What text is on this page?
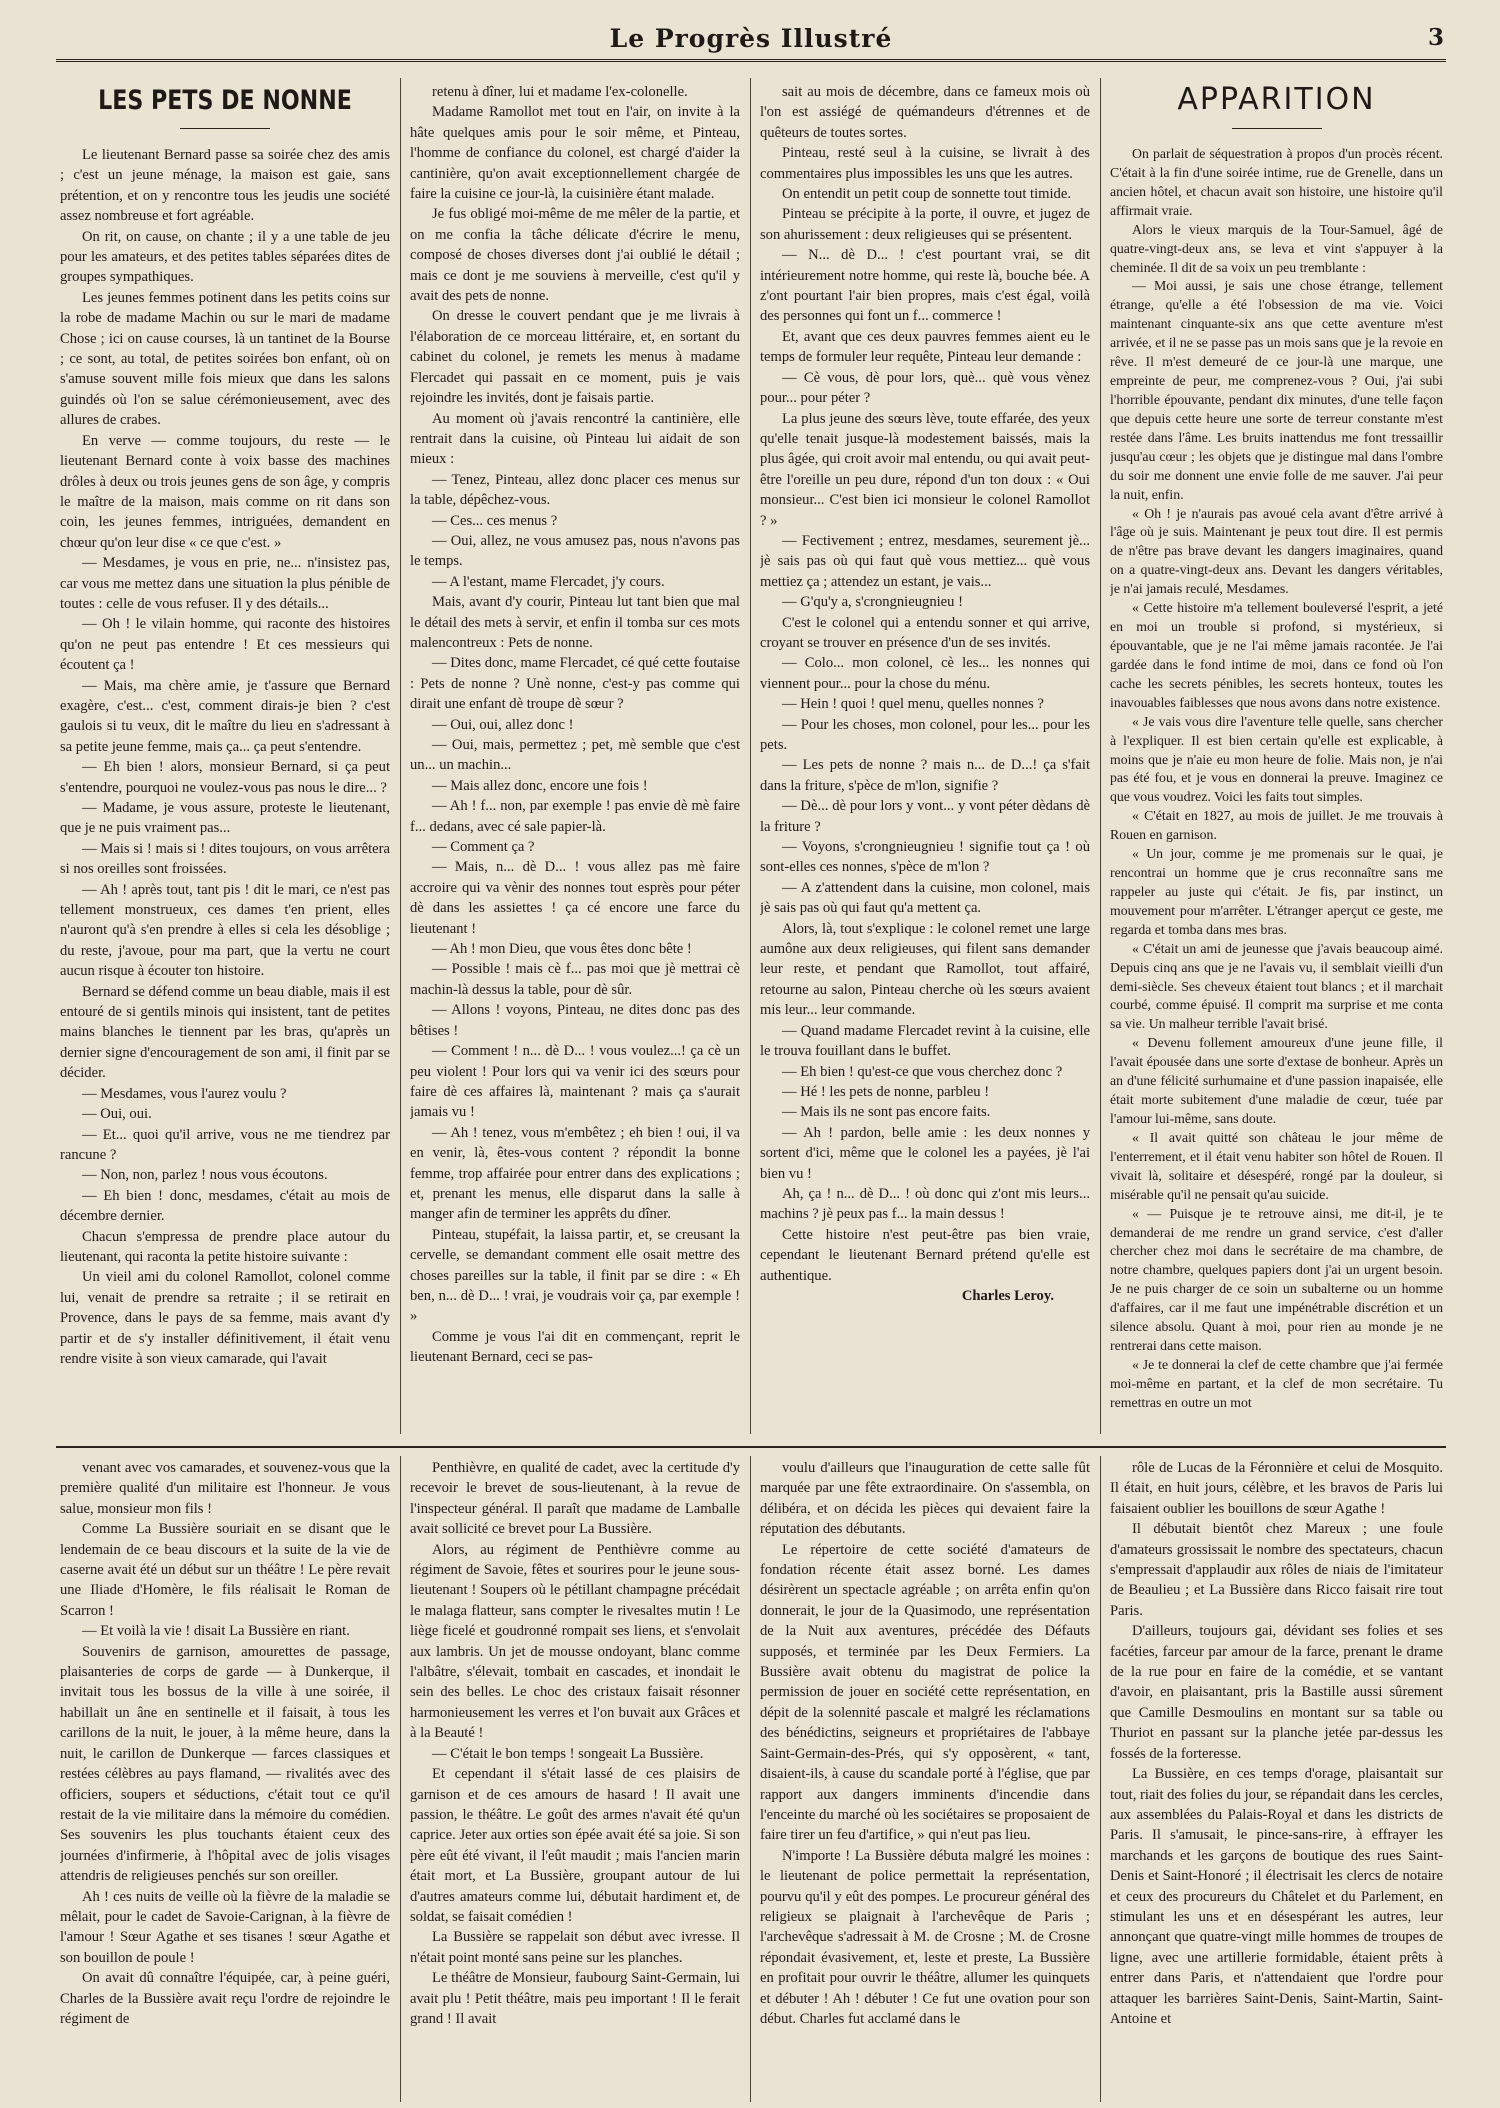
Le Progrès Illustré	3
LES PETS DE NONNE

Le lieutenant Bernard passe sa soirée chez des amis ; c'est un jeune ménage, la maison est gaie, sans prétention, et on y rencontre tous les jeudis une société assez nombreuse et fort agréable.

On rit, on cause, on chante ; il y a une table de jeu pour les amateurs, et des petites tables séparées dites de groupes sympathiques.

Les jeunes femmes potinent dans les petits coins sur la robe de madame Machin ou sur le mari de madame Chose ; ici on cause courses, là un tantinet de la Bourse ; ce sont, au total, de petites soirées bon enfant, où on s'amuse souvent mille fois mieux que dans les salons guindés où l'on se salue cérémonieusement, avec des allures de crabes.

En verve — comme toujours, du reste — le lieutenant Bernard conte à voix basse des machines drôles à deux ou trois jeunes gens de son âge, y compris le maître de la maison, mais comme on rit dans son coin, les jeunes femmes, intriguées, demandent en chœur qu'on leur dise « ce que c'est. »

— Mesdames, je vous en prie, ne... n'insistez pas, car vous me mettez dans une situation la plus pénible de toutes : celle de vous refuser. Il y des détails...

— Oh ! le vilain homme, qui raconte des histoires qu'on ne peut pas entendre ! Et ces messieurs qui écoutent ça !

— Mais, ma chère amie, je t'assure que Bernard exagère, c'est... c'est, comment dirais-je bien ? c'est gaulois si tu veux, dit le maître du lieu en s'adressant à sa petite jeune femme, mais ça... ça peut s'entendre.

— Eh bien ! alors, monsieur Bernard, si ça peut s'entendre, pourquoi ne voulez-vous pas nous le dire... ?

— Madame, je vous assure, proteste le lieutenant, que je ne puis vraiment pas...

— Mais si ! mais si ! dites toujours, on vous arrêtera si nos oreilles sont froissées.

— Ah ! après tout, tant pis ! dit le mari, ce n'est pas tellement monstrueux, ces dames t'en prient, elles n'auront qu'à s'en prendre à elles si cela les désoblige ; du reste, j'avoue, pour ma part, que la vertu ne court aucun risque à écouter ton histoire.

Bernard se défend comme un beau diable, mais il est entouré de si gentils minois qui insistent, tant de petites mains blanches le tiennent par les bras, qu'après un dernier signe d'encouragement de son ami, il finit par se décider.

— Mesdames, vous l'aurez voulu ?

— Oui, oui.

— Et... quoi qu'il arrive, vous ne me tiendrez par rancune ?

— Non, non, parlez ! nous vous écoutons.

— Eh bien ! donc, mesdames, c'était au mois de décembre dernier.

Chacun s'empressa de prendre place autour du lieutenant, qui raconta la petite histoire suivante :

Un vieil ami du colonel Ramollot, colonel comme lui, venait de prendre sa retraite ; il se retirait en Provence, dans le pays de sa femme, mais avant d'y partir et de s'y installer définitivement, il était venu rendre visite à son vieux camarade, qui l'avait

retenu à dîner, lui et madame l'ex-colonelle.

Madame Ramollot met tout en l'air, on invite à la hâte quelques amis pour le soir même, et Pinteau, l'homme de confiance du colonel, est chargé d'aider la cantinière, qu'on avait exceptionnellement chargée de faire la cuisine ce jour-là, la cuisinière étant malade.

Je fus obligé moi-même de me mêler de la partie, et on me confia la tâche délicate d'écrire le menu, composé de choses diverses dont j'ai oublié le détail ; mais ce dont je me souviens à merveille, c'est qu'il y avait des pets de nonne.

On dresse le couvert pendant que je me livrais à l'élaboration de ce morceau littéraire, et, en sortant du cabinet du colonel, je remets les menus à madame Flercadet qui passait en ce moment, puis je vais rejoindre les invités, dont je faisais partie.

Au moment où j'avais rencontré la cantinière, elle rentrait dans la cuisine, où Pinteau lui aidait de son mieux :

— Tenez, Pinteau, allez donc placer ces menus sur la table, dépêchez-vous.

— Ces... ces menus ?

— Oui, allez, ne vous amusez pas, nous n'avons pas le temps.

— A l'estant, mame Flercadet, j'y cours.

Mais, avant d'y courir, Pinteau lut tant bien que mal le détail des mets à servir, et enfin il tomba sur ces mots malencontreux : Pets de nonne.

— Dites donc, mame Flercadet, cé qué cette foutaise : Pets de nonne ? Unè nonne, c'est-y pas comme qui dirait une enfant dè troupe dè sœur ?

— Oui, oui, allez donc !

— Oui, mais, permettez ; pet, mè semble que c'est un... un machin...

— Mais allez donc, encore une fois !

— Ah ! f... non, par exemple ! pas envie dè mè faire f... dedans, avec cé sale papier-là.

— Comment ça ?

— Mais, n... dè D... ! vous allez pas mè faire accroire qui va vènir des nonnes tout esprès pour péter dè dans les assiettes ! ça cé encore une farce du lieutenant !

— Ah ! mon Dieu, que vous êtes donc bête !

— Possible ! mais cè f... pas moi que jè mettrai cè machin-là dessus la table, pour dè sûr.

— Allons ! voyons, Pinteau, ne dites donc pas des bêtises !

— Comment ! n... dè D... ! vous voulez...! ça cè un peu violent ! Pour lors qui va venir ici des sœurs pour faire dè ces affaires là, maintenant ? mais ça s'aurait jamais vu !

— Ah ! tenez, vous m'embêtez ; eh bien ! oui, il va en venir, là, êtes-vous content ? répondit la bonne femme, trop affairée pour entrer dans des explications ; et, prenant les menus, elle disparut dans la salle à manger afin de terminer les apprêts du dîner.

Pinteau, stupéfait, la laissa partir, et, se creusant la cervelle, se demandant comment elle osait mettre des choses pareilles sur la table, il finit par se dire : « Eh ben, n... dè D... ! vrai, je voudrais voir ça, par exemple ! »

Comme je vous l'ai dit en commençant, reprit le lieutenant Bernard, ceci se pas-

sait au mois de décembre, dans ce fameux mois où l'on est assiégé de quémandeurs d'étrennes et de quêteurs de toutes sortes.

Pinteau, resté seul à la cuisine, se livrait à des commentaires plus impossibles les uns que les autres.

On entendit un petit coup de sonnette tout timide.

Pinteau se précipite à la porte, il ouvre, et jugez de son ahurissement : deux religieuses qui se présentent.

— N... dè D... ! c'est pourtant vrai, se dit intérieurement notre homme, qui reste là, bouche bée. A z'ont pourtant l'air bien propres, mais c'est égal, voilà des personnes qui font un f... commerce !

Et, avant que ces deux pauvres femmes aient eu le temps de formuler leur requête, Pinteau leur demande :

— Cè vous, dè pour lors, què... què vous vènez pour... pour péter ?

La plus jeune des sœurs lève, toute effarée, des yeux qu'elle tenait jusque-là modestement baissés, mais la plus âgée, qui croit avoir mal entendu, ou qui avait peut-être l'oreille un peu dure, répond d'un ton doux : « Oui monsieur... C'est bien ici monsieur le colonel Ramollot ? »

— Fectivement ; entrez, mesdames, seurement jè... jè sais pas où qui faut què vous mettiez... què vous mettiez ça ; attendez un estant, je vais...

— G'qu'y a, s'crongnieugnieu !

C'est le colonel qui a entendu sonner et qui arrive, croyant se trouver en présence d'un de ses invités.

— Colo... mon colonel, cè les... les nonnes qui viennent pour... pour la chose du ménu.

— Hein ! quoi ! quel menu, quelles nonnes ?

— Pour les choses, mon colonel, pour les... pour les pets.

— Les pets de nonne ? mais n... de D...! ça s'fait dans la friture, s'pèce de m'lon, signifie ?

— Dè... dè pour lors y vont... y vont péter dèdans dè la friture ?

— Voyons, s'crongnieugnieu ! signifie tout ça ! où sont-elles ces nonnes, s'pèce de m'lon ?

— A z'attendent dans la cuisine, mon colonel, mais jè sais pas où qui faut qu'a mettent ça.

Alors, là, tout s'explique : le colonel remet une large aumône aux deux religieuses, qui filent sans demander leur reste, et pendant que Ramollot, tout affairé, retourne au salon, Pinteau cherche où les sœurs avaient mis leur... leur commande.

— Quand madame Flercadet revint à la cuisine, elle le trouva fouillant dans le buffet.

— Eh bien ! qu'est-ce que vous cherchez donc ?

— Hé ! les pets de nonne, parbleu !

— Mais ils ne sont pas encore faits.

— Ah ! pardon, belle amie : les deux nonnes y sortent d'ici, même que le colonel les a payées, jè l'ai bien vu !

Ah, ça ! n... dè D... ! où donc qui z'ont mis leurs... machins ? jè peux pas f... la main dessus !

Cette histoire n'est peut-être pas bien vraie, cependant le lieutenant Bernard prétend qu'elle est authentique.

Charles Leroy.

APPARITION

On parlait de séquestration à propos d'un procès récent. C'était à la fin d'une soirée intime, rue de Grenelle, dans un ancien hôtel, et chacun avait son histoire, une histoire qu'il affirmait vraie.

Alors le vieux marquis de la Tour-Samuel, âgé de quatre-vingt-deux ans, se leva et vint s'appuyer à la cheminée. Il dit de sa voix un peu tremblante :

— Moi aussi, je sais une chose étrange, tellement étrange, qu'elle a été l'obsession de ma vie. Voici maintenant cinquante-six ans que cette aventure m'est arrivée, et il ne se passe pas un mois sans que je la revoie en rêve. Il m'est demeuré de ce jour-là une marque, une empreinte de peur, me comprenez-vous ? Oui, j'ai subi l'horrible épouvante, pendant dix minutes, d'une telle façon que depuis cette heure une sorte de terreur constante m'est restée dans l'âme. Les bruits inattendus me font tressaillir jusqu'au cœur ; les objets que je distingue mal dans l'ombre du soir me donnent une envie folle de me sauver. J'ai peur la nuit, enfin.

« Oh ! je n'aurais pas avoué cela avant d'être arrivé à l'âge où je suis. Maintenant je peux tout dire. Il est permis de n'être pas brave devant les dangers imaginaires, quand on a quatre-vingt-deux ans. Devant les dangers véritables, je n'ai jamais reculé, Mesdames.

« Cette histoire m'a tellement bouleversé l'esprit, a jeté en moi un trouble si profond, si mystérieux, si épouvantable, que je ne l'ai même jamais racontée. Je l'ai gardée dans le fond intime de moi, dans ce fond où l'on cache les secrets pénibles, les secrets honteux, toutes les inavouables faiblesses que nous avons dans notre existence.

« Je vais vous dire l'aventure telle quelle, sans chercher à l'expliquer. Il est bien certain qu'elle est explicable, à moins que je n'aie eu mon heure de folie. Mais non, je n'ai pas été fou, et je vous en donnerai la preuve. Imaginez ce que vous voudrez. Voici les faits tout simples.

« C'était en 1827, au mois de juillet. Je me trouvais à Rouen en garnison.

« Un jour, comme je me promenais sur le quai, je rencontrai un homme que je crus reconnaître sans me rappeler au juste qui c'était. Je fis, par instinct, un mouvement pour m'arrêter. L'étranger aperçut ce geste, me regarda et tomba dans mes bras.

« C'était un ami de jeunesse que j'avais beaucoup aimé. Depuis cinq ans que je ne l'avais vu, il semblait vieilli d'un demi-siècle. Ses cheveux étaient tout blancs ; et il marchait courbé, comme épuisé. Il comprit ma surprise et me conta sa vie. Un malheur terrible l'avait brisé.

« Devenu follement amoureux d'une jeune fille, il l'avait épousée dans une sorte d'extase de bonheur. Après un an d'une félicité surhumaine et d'une passion inapaisée, elle était morte subitement d'une maladie de cœur, tuée par l'amour lui-même, sans doute.

« Il avait quitté son château le jour même de l'enterrement, et il était venu habiter son hôtel de Rouen. Il vivait là, solitaire et désespéré, rongé par la douleur, si misérable qu'il ne pensait qu'au suicide.

« — Puisque je te retrouve ainsi, me dit-il, je te demanderai de me rendre un grand service, c'est d'aller chercher chez moi dans le secrétaire de ma chambre, de notre chambre, quelques papiers dont j'ai un urgent besoin. Je ne puis charger de ce soin un subalterne ou un homme d'affaires, car il me faut une impénétrable discrétion et un silence absolu. Quant à moi, pour rien au monde je ne rentrerai dans cette maison.

« Je te donnerai la clef de cette chambre que j'ai fermée moi-même en partant, et la clef de mon secrétaire. Tu remettras en outre un mot

venant avec vos camarades, et souvenez-vous que la première qualité d'un militaire est l'honneur. Je vous salue, monsieur mon fils !

Comme La Bussière souriait en se disant que le lendemain de ce beau discours et la suite de la vie de caserne avait été un début sur un théâtre ! Le père revait une Iliade d'Homère, le fils réalisait le Roman de Scarron !

— Et voilà la vie ! disait La Bussière en riant.

Souvenirs de garnison, amourettes de passage, plaisanteries de corps de garde — à Dunkerque, il invitait tous les bossus de la ville à une soirée, il habillait un âne en sentinelle et il faisait, à tous les carillons de la nuit, le jouer, à la même heure, dans la nuit, le carillon de Dunkerque — farces classiques et restées célèbres au pays flamand, — rivalités avec des officiers, soupers et séductions, c'était tout ce qu'il restait de la vie militaire dans la mémoire du comédien. Ses souvenirs les plus touchants étaient ceux des journées d'infirmerie, à l'hôpital avec de jolis visages attendris de religieuses penchés sur son oreiller.

Ah ! ces nuits de veille où la fièvre de la maladie se mêlait, pour le cadet de Savoie-Carignan, à la fièvre de l'amour ! Sœur Agathe et ses tisanes ! sœur Agathe et son bouillon de poule !

On avait dû connaître l'équipée, car, à peine guéri, Charles de la Bussière avait reçu l'ordre de rejoindre le régiment de

Penthièvre, en qualité de cadet, avec la certitude d'y recevoir le brevet de sous-lieutenant, à la revue de l'inspecteur général. Il paraît que madame de Lamballe avait sollicité ce brevet pour La Bussière.

Alors, au régiment de Penthièvre comme au régiment de Savoie, fêtes et sourires pour le jeune sous-lieutenant ! Soupers où le pétillant champagne précédait le malaga flatteur, sans compter le rivesaltes mutin ! Le liège ficelé et goudronné rompait ses liens, et s'envolait aux lambris. Un jet de mousse ondoyant, blanc comme l'albâtre, s'élevait, tombait en cascades, et inondait le sein des belles. Le choc des cristaux faisait résonner harmonieusement les verres et l'on buvait aux Grâces et à la Beauté !

— C'était le bon temps ! songeait La Bussière.

Et cependant il s'était lassé de ces plaisirs de garnison et de ces amours de hasard ! Il avait une passion, le théâtre. Le goût des armes n'avait été qu'un caprice. Jeter aux orties son épée avait été sa joie. Si son père eût été vivant, il l'eût maudit ; mais l'ancien marin était mort, et La Bussière, groupant autour de lui d'autres amateurs comme lui, débutait hardiment et, de soldat, se faisait comédien !

La Bussière se rappelait son début avec ivresse. Il n'était point monté sans peine sur les planches.

Le théâtre de Monsieur, faubourg Saint-Germain, lui avait plu ! Petit théâtre, mais peu important ! Il le ferait grand ! Il avait

voulu d'ailleurs que l'inauguration de cette salle fût marquée par une fête extraordinaire. On s'assembla, on délibéra, et on décida les pièces qui devaient faire la réputation des débutants.

Le répertoire de cette société d'amateurs de fondation récente était assez borné. Les dames désirèrent un spectacle agréable ; on arrêta enfin qu'on donnerait, le jour de la Quasimodo, une représentation de la Nuit aux aventures, précédée des Défauts supposés, et terminée par les Deux Fermiers. La Bussière avait obtenu du magistrat de police la permission de jouer en société cette représentation, en dépit de la solennité pascale et malgré les réclamations des bénédictins, seigneurs et propriétaires de l'abbaye Saint-Germain-des-Prés, qui s'y opposèrent, « tant, disaient-ils, à cause du scandale porté à l'église, que par rapport aux dangers imminents d'incendie dans l'enceinte du marché où les sociétaires se proposaient de faire tirer un feu d'artifice, » qui n'eut pas lieu.

N'importe ! La Bussière débuta malgré les moines : le lieutenant de police permettait la représentation, pourvu qu'il y eût des pompes. Le procureur général des religieux se plaignait à l'archevêque de Paris ; l'archevêque s'adressait à M. de Crosne ; M. de Crosne répondait évasivement, et, leste et preste, La Bussière en profitait pour ouvrir le théâtre, allumer les quinquets et débuter ! Ah ! débuter ! Ce fut une ovation pour son début. Charles fut acclamé dans le

rôle de Lucas de la Féronnière et celui de Mosquito. Il était, en huit jours, célèbre, et les bravos de Paris lui faisaient oublier les bouillons de sœur Agathe !

Il débutait bientôt chez Mareux ; une foule d'amateurs grossissait le nombre des spectateurs, chacun s'empressait d'applaudir aux rôles de niais de l'imitateur de Beaulieu ; et La Bussière dans Ricco faisait rire tout Paris.

D'ailleurs, toujours gai, dévidant ses folies et ses facéties, farceur par amour de la farce, prenant le drame de la rue pour en faire de la comédie, et se vantant d'avoir, en plaisantant, pris la Bastille aussi sûrement que Camille Desmoulins en montant sur sa table ou Thuriot en passant sur la planche jetée par-dessus les fossés de la forteresse.

La Bussière, en ces temps d'orage, plaisantait sur tout, riait des folies du jour, se répandait dans les cercles, aux assemblées du Palais-Royal et dans les districts de Paris. Il s'amusait, le pince-sans-rire, à effrayer les marchands et les garçons de boutique des rues Saint-Denis et Saint-Honoré ; il électrisait les clercs de notaire et ceux des procureurs du Châtelet et du Parlement, en stimulant les uns et en désespérant les autres, leur annonçant que quatre-vingt mille hommes de troupes de ligne, avec une artillerie formidable, étaient prêts à entrer dans Paris, et n'attendaient que l'ordre pour attaquer les barrières Saint-Denis, Saint-Martin, Saint-Antoine et
